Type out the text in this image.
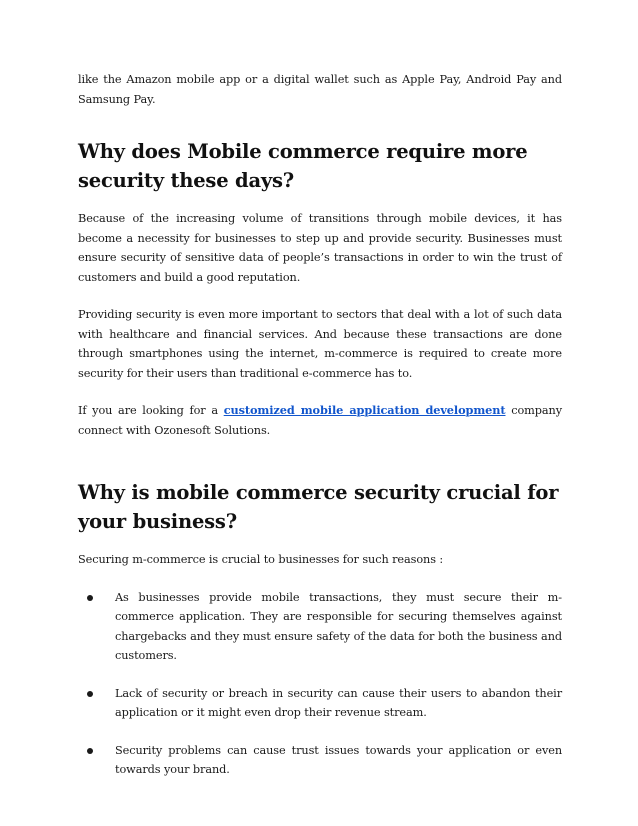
like the Amazon mobile app or a digital wallet such as Apple Pay, Android Pay and Samsung Pay.

Why does Mobile commerce require more security these days?

Because of the increasing volume of transitions through mobile devices, it has become a necessity for businesses to step up and provide security. Businesses must ensure security of sensitive data of people’s transactions in order to win the trust of customers and build a good reputation.

Providing security is even more important to sectors that deal with a lot of such data with healthcare and financial services. And because these transactions are done through smartphones using the internet, m-commerce is required to create more security for their users than traditional e-commerce has to.

If you are looking for a customized mobile application development company connect with Ozonesoft Solutions.

Why is mobile commerce security crucial for your business?

Securing m-commerce is crucial to businesses for such reasons :

As businesses provide mobile transactions, they must secure their m-commerce application. They are responsible for securing themselves against chargebacks and they must ensure safety of the data for both the business and customers.

Lack of security or breach in security can cause their users to abandon their application or it might even drop their revenue stream.

Security problems can cause trust issues towards your application or even towards your brand.
